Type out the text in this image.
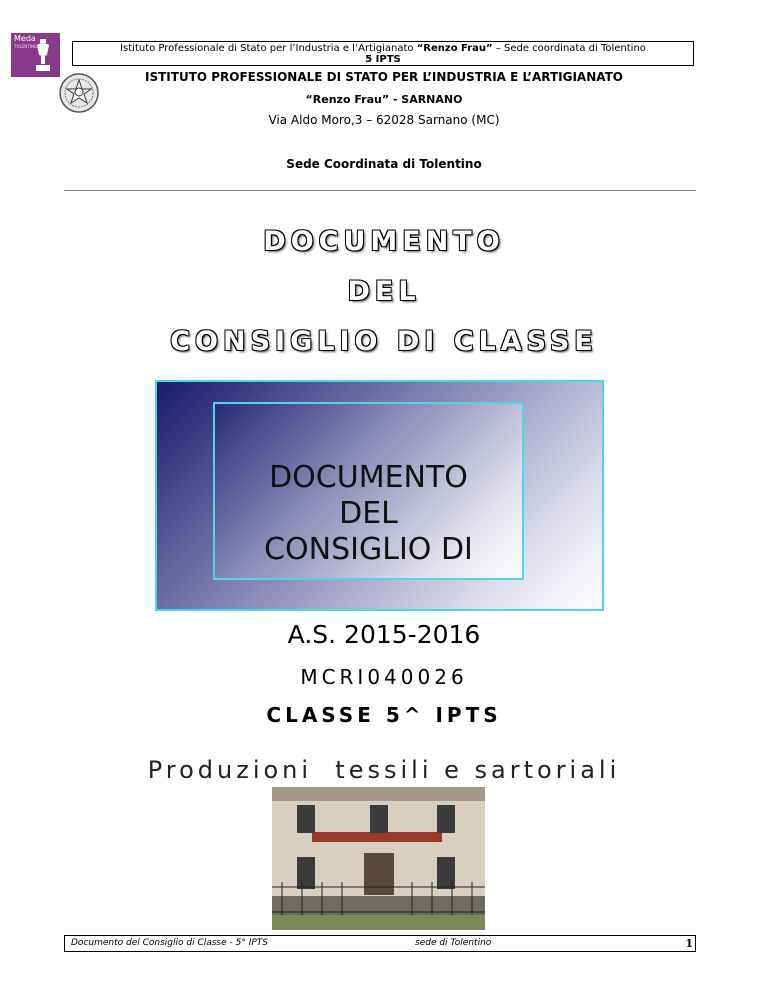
Meda
TOLENTINO	Istituto Professionale di Stato per l’Industria e l’Artigianato “Renzo Frau” – Sede coordinata di Tolentino
5 IPTS
ISTITUTO PROFESSIONALE DI STATO PER L’INDUSTRIA E L’ARTIGIANATO
“Renzo Frau” - SARNANO
Via Aldo Moro,3 – 62028 Sarnano (MC)
Sede Coordinata di Tolentino
DOCUMENTO
DEL
CONSIGLIO DI CLASSE
DOCUMENTO
DEL
CONSIGLIO DI
A.S. 2015-2016
MCRI040026
CLASSE 5^ IPTS
Produzioni  tessili e sartoriali
Documento del Consiglio di Classe - 5° IPTS	sede di Tolentino	1
